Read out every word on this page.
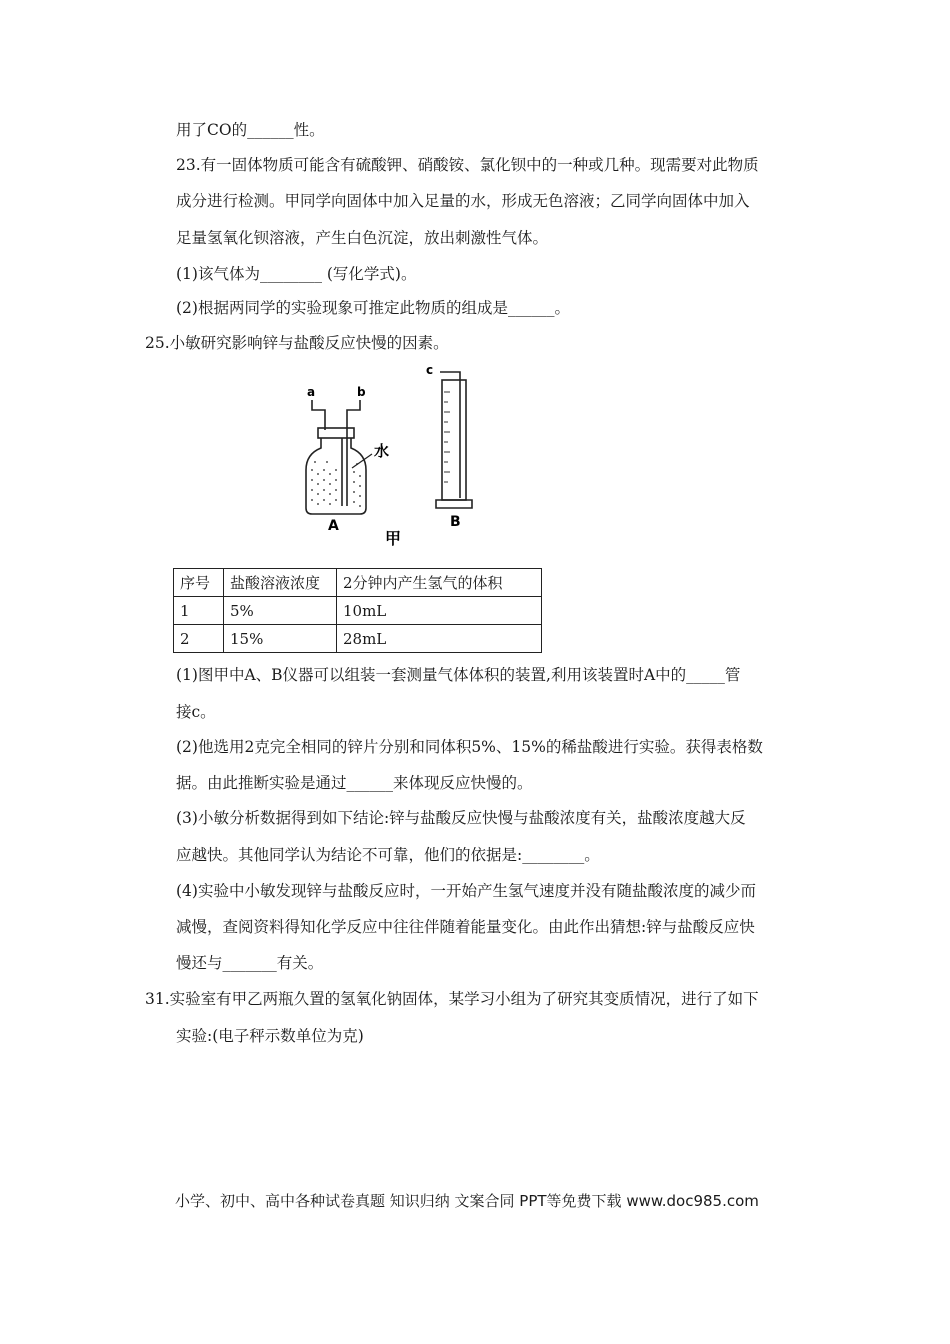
用了CO的______性。
23.有一固体物质可能含有硫酸钾、硝酸铵、氯化钡中的一种或几种。现需要对此物质
成分进行检测。甲同学向固体中加入足量的水，形成无色溶液；乙同学向固体中加入
足量氢氧化钡溶液，产生白色沉淀，放出刺激性气体。
(1)该气体为________ (写化学式)。
(2)根据两同学的实验现象可推定此物质的组成是______。
25.小敏研究影响锌与盐酸反应快慢的因素。
水
a	b
A
c
B
甲
序号	盐酸溶液浓度	2分钟内产生氢气的体积
1	5%	10mL
2	15%	28mL
(1)图甲中A、B仪器可以组装一套测量气体体积的装置,利用该装置时A中的_____管
接c。
(2)他选用2克完全相同的锌片分别和同体积5%、15%的稀盐酸进行实验。获得表格数
据。由此推断实验是通过______来体现反应快慢的。
(3)小敏分析数据得到如下结论:锌与盐酸反应快慢与盐酸浓度有关，盐酸浓度越大反
应越快。其他同学认为结论不可靠，他们的依据是:________。
(4)实验中小敏发现锌与盐酸反应时，一开始产生氢气速度并没有随盐酸浓度的减少而
减慢，查阅资料得知化学反应中往往伴随着能量变化。由此作出猜想:锌与盐酸反应快
慢还与_______有关。
31.实验室有甲乙两瓶久置的氢氧化钠固体，某学习小组为了研究其变质情况，进行了如下
实验:(电子秤示数单位为克)
小学、初中、高中各种试卷真题 知识归纳 文案合同 PPT等免费下载 www.doc985.com
